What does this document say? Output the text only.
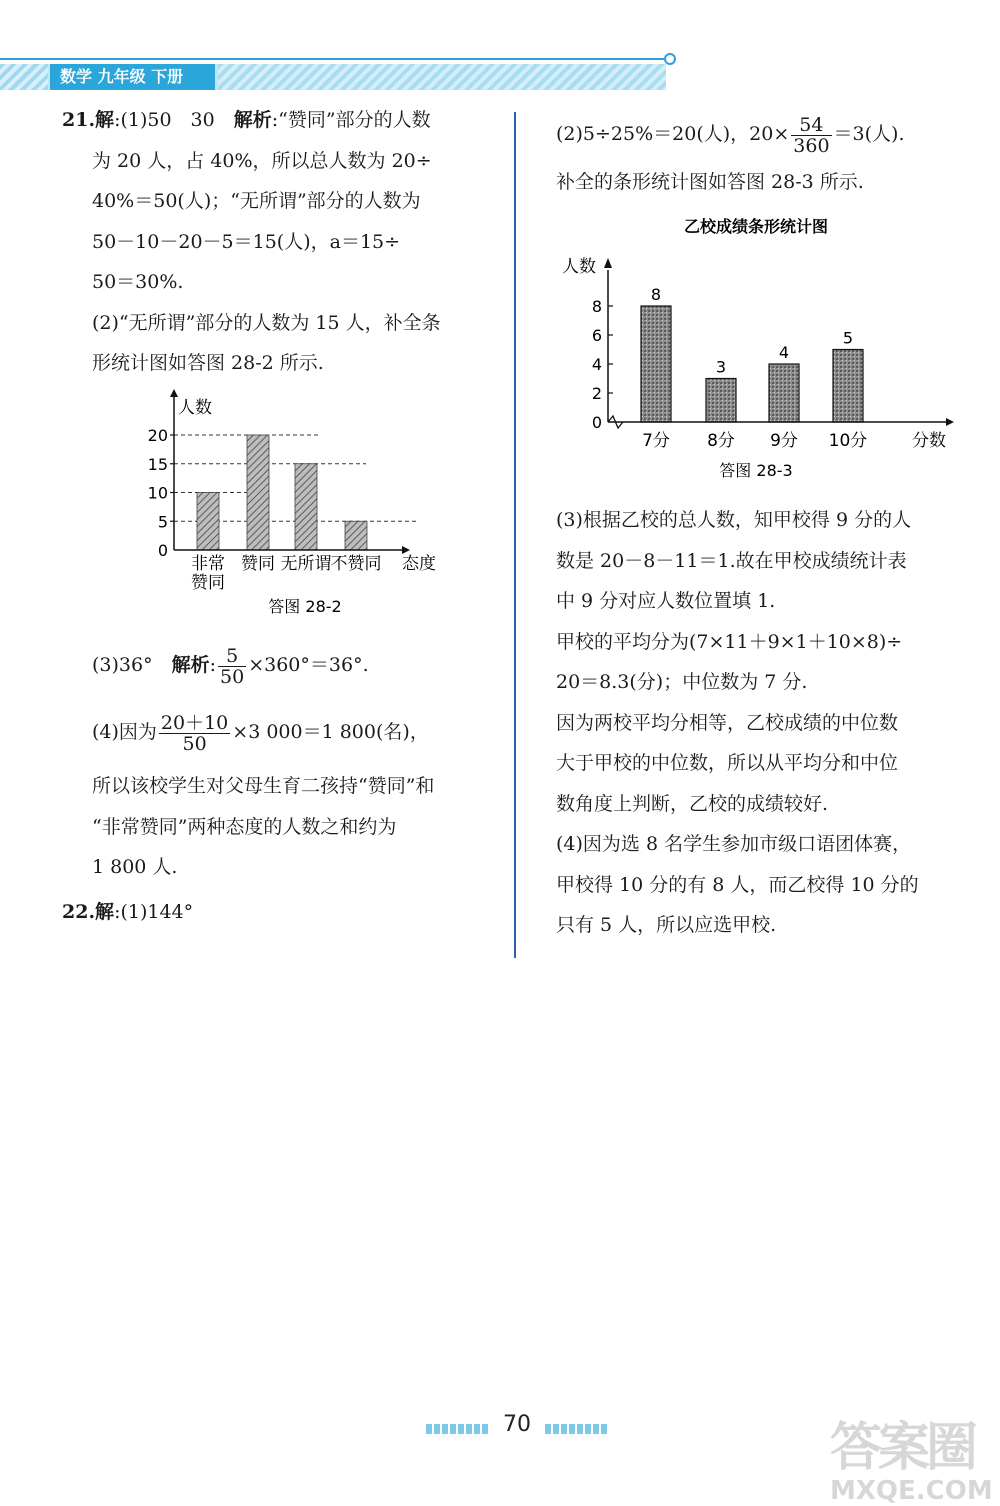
数学 九年级 下册

21.解:(1)50　30　解析:“赞同”部分的人数

为 20 人，占 40%，所以总人数为 20÷

40%＝50(人)；“无所谓”部分的人数为

50－10－20－5＝15(人)，a＝15÷

50＝30%.

(2)“无所谓”部分的人数为 15 人，补全条

形统计图如答图 28-2 所示.

人数
态度
0
5
10
15
20
非常
赞同
赞同 无所谓 不赞同
答图 28-2

(3)36°　解析: $\frac{5}{50} \times 360^\circ=36^\circ$.

(4)因为 $\frac{20+10}{50} \times 3$ 000＝1 800(名)，

所以该校学生对父母生育二孩持“赞同”和

“非常赞同”两种态度的人数之和约为

1 800 人.

22.解:(1)144°

(2)5÷25%＝20(人)，$20\times \frac{54}{360} =3$(人).

补全的条形统计图如答图 28-3 所示.

乙校成绩条形统计图
人数
8
3
4
5
0
2
4
6
8
7分 8分 9分 10分	分数
答图 28-3

(3)根据乙校的总人数，知甲校得 9 分的人

数是 20－8－11＝1.故在甲校成绩统计表

中 9 分对应人数位置填 1.

甲校的平均分为(7×11＋9×1＋10×8)÷

20＝8.3(分)；中位数为 7 分.

因为两校平均分相等，乙校成绩的中位数

大于甲校的中位数，所以从平均分和中位

数角度上判断，乙校的成绩较好.

(4)因为选 8 名学生参加市级口语团体赛，

甲校得 10 分的有 8 人，而乙校得 10 分的

只有 5 人，所以应选甲校.

70	答案圈
MXQE.COM
